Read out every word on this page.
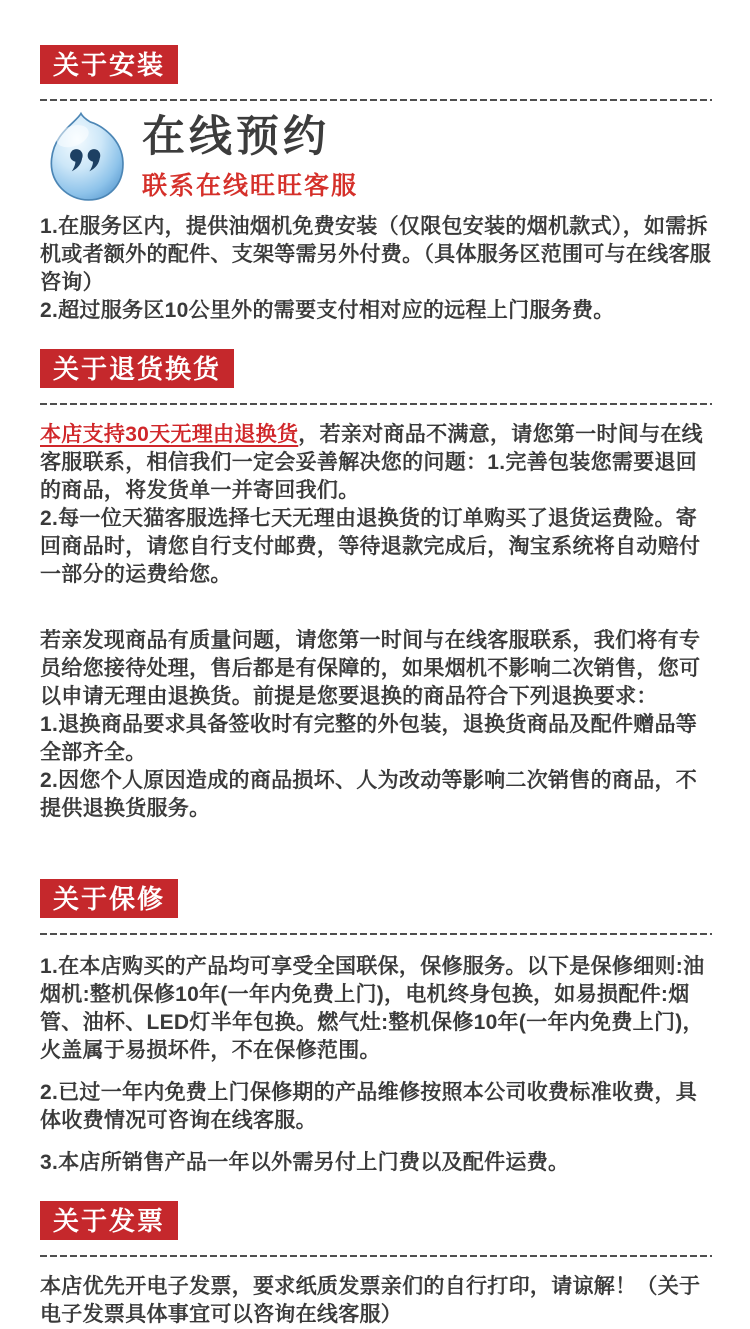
关于安装
在线预约
联系在线旺旺客服

1.在服务区内，提供油烟机免费安装（仅限包安装的烟机款式），如需拆机或者额外的配件、支架等需另外付费。（具体服务区范围可与在线客服咨询）

2.超过服务区10公里外的需要支付相对应的远程上门服务费。

关于退货换货

本店支持30天无理由退换货，若亲对商品不满意，请您第一时间与在线客服联系，相信我们一定会妥善解决您的问题：1.完善包装您需要退回的商品，将发货单一并寄回我们。

2.每一位天猫客服选择七天无理由退换货的订单购买了退货运费险。寄回商品时，请您自行支付邮费，等待退款完成后，淘宝系统将自动赔付一部分的运费给您。

若亲发现商品有质量问题，请您第一时间与在线客服联系，我们将有专员给您接待处理，售后都是有保障的，如果烟机不影响二次销售，您可以申请无理由退换货。前提是您要退换的商品符合下列退换要求：

1.退换商品要求具备签收时有完整的外包装，退换货商品及配件赠品等全部齐全。

2.因您个人原因造成的商品损坏、人为改动等影响二次销售的商品，不提供退换货服务。

关于保修

1.在本店购买的产品均可享受全国联保，保修服务。以下是保修细则:油烟机:整机保修10年(一年内免费上门)，电机终身包换，如易损配件:烟管、油杯、LED灯半年包换。燃气灶:整机保修10年(一年内免费上门)，火盖属于易损坏件，不在保修范围。

2.已过一年内免费上门保修期的产品维修按照本公司收费标准收费，具体收费情况可咨询在线客服。

3.本店所销售产品一年以外需另付上门费以及配件运费。

关于发票

本店优先开电子发票，要求纸质发票亲们的自行打印，请谅解！（关于电子发票具体事宜可以咨询在线客服）
